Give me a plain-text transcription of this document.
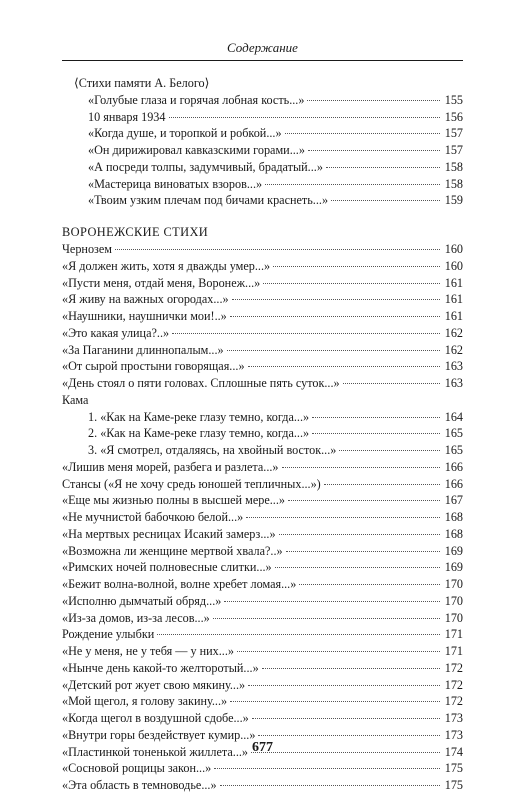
Содержание
⟨Стихи памяти А. Белого⟩
«Голубые глаза и горячая лобная кость...»	155
10 января 1934	156
«Когда душе, и торопкой и робкой...»	157
«Он дирижировал кавказскими горами...»	157
«А посреди толпы, задумчивый, брадатый...»	158
«Мастерица виноватых взоров...»	158
«Твоим узким плечам под бичами краснеть...»	159
ВОРОНЕЖСКИЕ СТИХИ
Чернозем	160
«Я должен жить, хотя я дважды умер...»	160
«Пусти меня, отдай меня, Воронеж...»	161
«Я живу на важных огородах...»	161
«Наушники, наушнички мои!..»	161
«Это какая улица?..»	162
«За Паганини длиннопалым...»	162
«От сырой простыни говорящая...»	163
«День стоял о пяти головах. Сплошные пять суток...»	163
Кама
1. «Как на Каме-реке глазу темно, когда...»	164
2. «Как на Каме-реке глазу темно, когда...»	165
3. «Я смотрел, отдаляясь, на хвойный восток...»	165
«Лишив меня морей, разбега и разлета...»	166
Стансы («Я не хочу средь юношей тепличных...»)	166
«Еще мы жизнью полны в высшей мере...»	167
«Не мучнистой бабочкою белой...»	168
«На мертвых ресницах Исакий замерз...»	168
«Возможна ли женщине мертвой хвала?..»	169
«Римских ночей полновесные слитки...»	169
«Бежит волна-волной, волне хребет ломая...»	170
«Исполню дымчатый обряд...»	170
«Из-за домов, из-за лесов...»	170
Рождение улыбки	171
«Не у меня, не у тебя — у них...»	171
«Нынче день какой-то желторотый...»	172
«Детский рот жует свою мякину...»	172
«Мой щегол, я голову закину...»	172
«Когда щегол в воздушной сдобе...»	173
«Внутри горы бездействует кумир...»	173
«Пластинкой тоненькой жиллета...»	174
«Сосновой рощицы закон...»	175
«Эта область в темноводье...»	175
677
